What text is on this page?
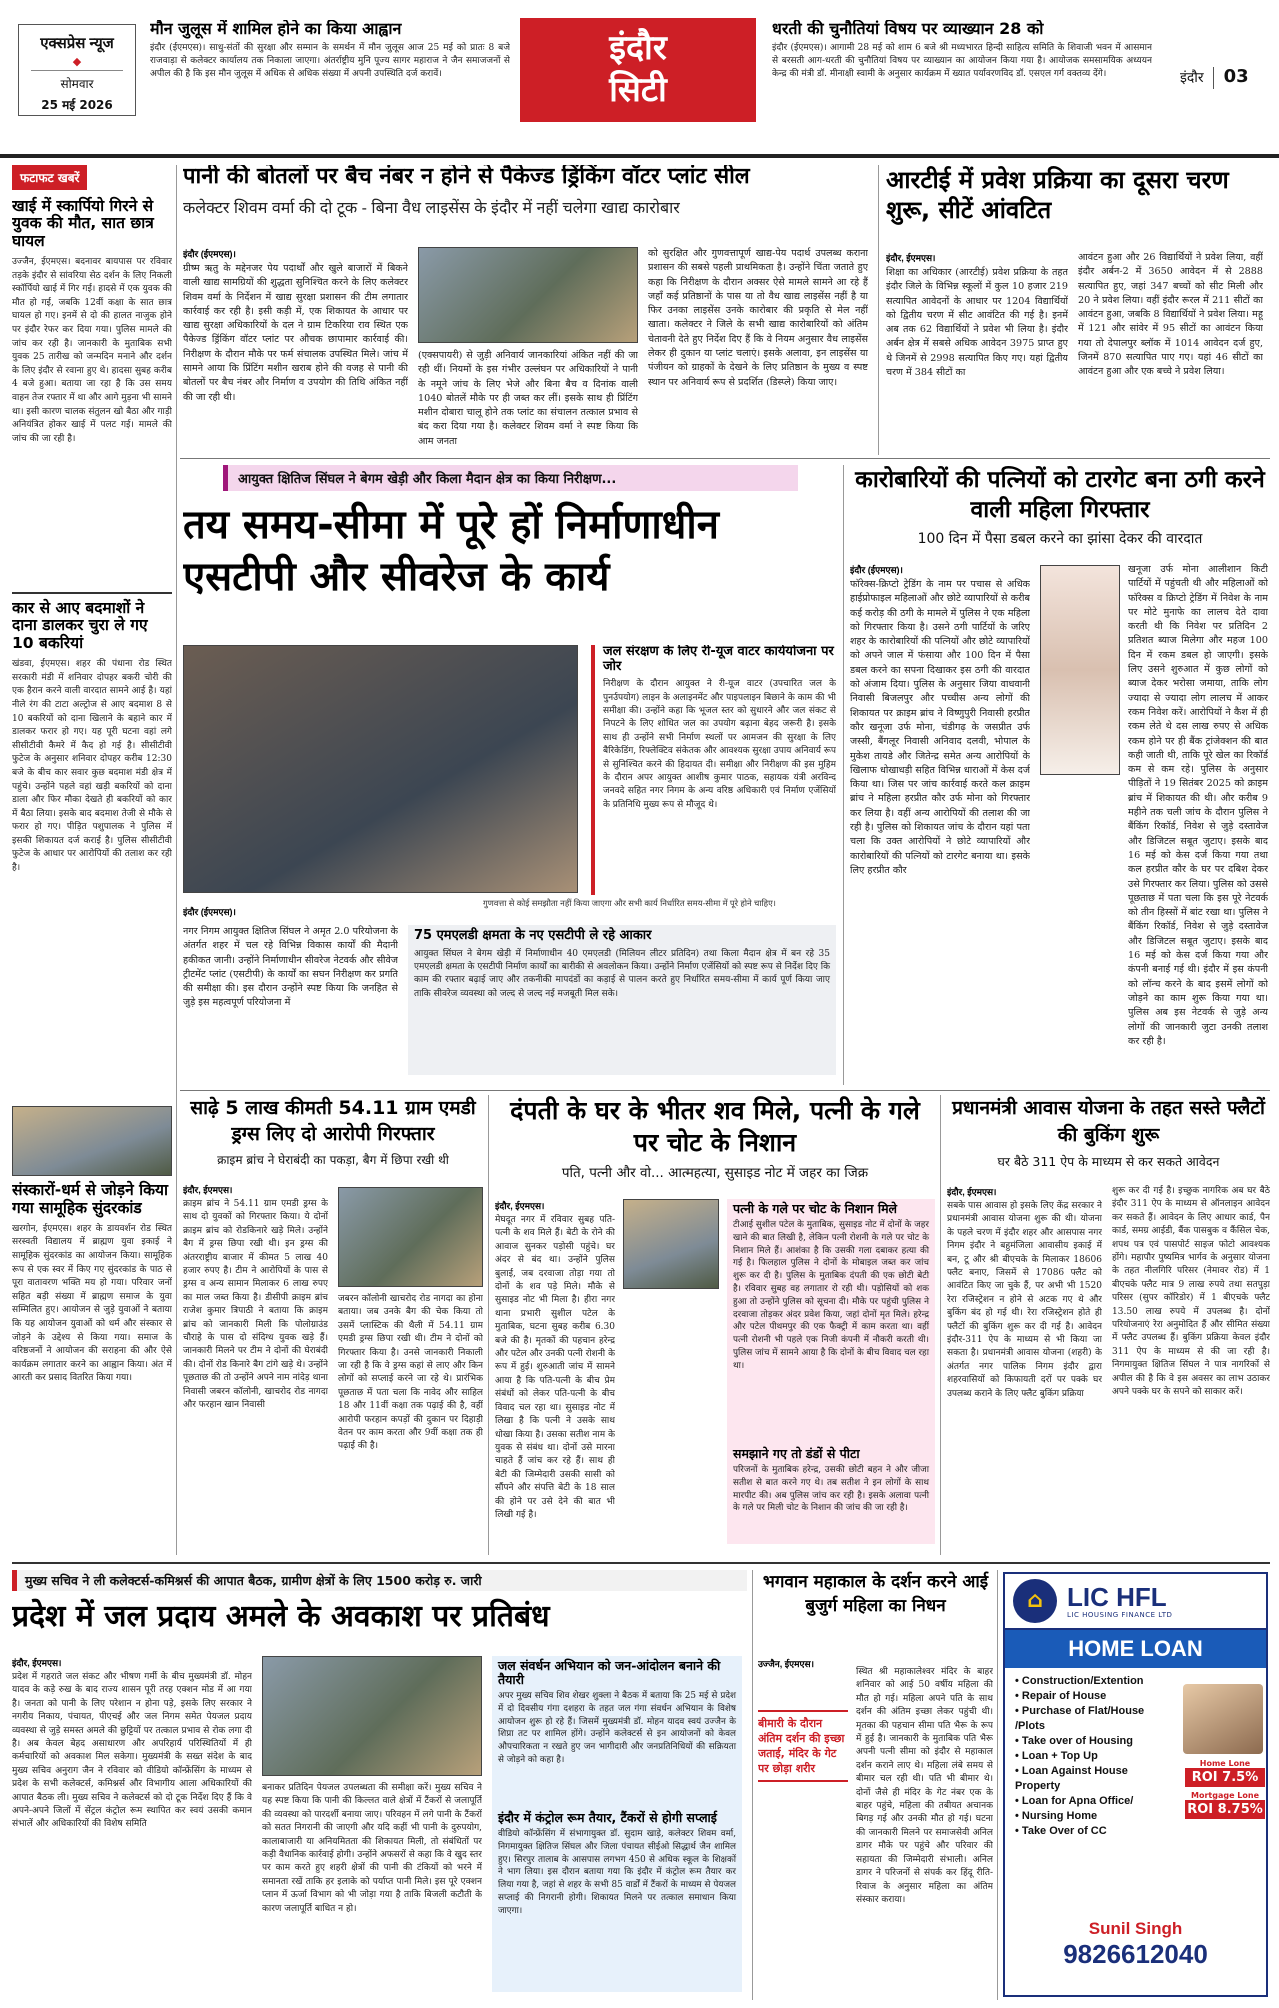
एक्सप्रेस न्यूज
◆
सोमवार
25 मई 2026
मौन जुलूस में शामिल होने का किया आह्वान
इंदौर (ईएमएस)। साधु-संतों की सुरक्षा और सम्मान के समर्थन में मौन जुलूस आज 25 मई को प्रातः 8 बजे राजवाड़ा से कलेक्टर कार्यालय तक निकाला जाएगा। अंतर्राष्ट्रीय मुनि पूज्य सागर महाराज ने जैन समाजजनों से अपील की है कि इस मौन जुलूस में अधिक से अधिक संख्या में अपनी उपस्थिति दर्ज करावें।
इंदौर
सिटी
धरती की चुनौतियां विषय पर व्याख्यान 28 को
इंदौर (ईएमएस)। आगामी 28 मई को शाम 6 बजे श्री मध्यभारत हिन्दी साहित्य समिति के शिवाजी भवन में आसमान से बरसती आग-धरती की चुनौतियां विषय पर व्याख्यान का आयोजन किया गया है। आयोजक समसामयिक अध्ययन केन्द्र की मंत्री डॉ. मीनाक्षी स्वामी के अनुसार कार्यक्रम में ख्यात पर्यावरणविद डॉ. एसएल गर्ग वक्तव्य देंगे।	इंदौर 03
फटाफट खबरें
खाई में स्कार्पियो गिरने से युवक की मौत, सात छात्र घायल
उज्जैन, ईएमएस। बदनावर बायपास पर रविवार तड़के इंदौर से सांवरिया सेठ दर्शन के लिए निकली स्कॉर्पियो खाई में गिर गई। हादसे में एक युवक की मौत हो गई, जबकि 12वीं कक्षा के सात छात्र घायल हो गए। इनमें से दो की हालत नाजुक होने पर इंदौर रेफर कर दिया गया। पुलिस मामले की जांच कर रही है। जानकारी के मुताबिक सभी युवक 25 तारीख को जन्मदिन मनाने और दर्शन के लिए इंदौर से रवाना हुए थे। हादसा सुबह करीब 4 बजे हुआ। बताया जा रहा है कि उस समय वाहन तेज रफ्तार में था और आगे मुड़ना भी सामने था। इसी कारण चालक संतुलन खो बैठा और गाड़ी अनियंत्रित होकर खाई में पलट गई। मामले की जांच की जा रही है।
कार से आए बदमाशों ने दाना डालकर चुरा ले गए 10 बकरियां
खंडवा, ईएमएस। शहर की पंधाना रोड स्थित सरकारी मंडी में शनिवार दोपहर बकरी चोरी की एक हैरान करने वाली वारदात सामने आई है। यहां नीले रंग की टाटा अल्ट्रोज से आए बदमाश 8 से 10 बकरियों को दाना खिलाने के बहाने कार में डालकर फरार हो गए। यह पूरी घटना वहां लगे सीसीटीवी कैमरे में कैद हो गई है। सीसीटीवी फुटेज के अनुसार शनिवार दोपहर करीब 12:30 बजे के बीच कार सवार कुछ बदमाश मंडी क्षेत्र में पहुंचे। उन्होंने पहले वहां खड़ी बकरियों को दाना डाला और फिर मौका देखते ही बकरियों को कार में बैठा लिया। इसके बाद बदमाश तेजी से मौके से फरार हो गए। पीड़ित पशुपालक ने पुलिस में इसकी शिकायत दर्ज कराई है। पुलिस सीसीटीवी फुटेज के आधार पर आरोपियों की तलाश कर रही है।
संस्कारों-धर्म से जोड़ने किया गया सामूहिक सुंदरकांड
खरगोन, ईएमएस। शहर के डायवर्शन रोड स्थित सरस्वती विद्यालय में ब्राह्मण युवा इकाई ने सामूहिक सुंदरकांड का आयोजन किया। सामूहिक रूप से एक स्वर में किए गए सुंदरकांड के पाठ से पूरा वातावरण भक्ति मय हो गया। परिवार जनों सहित बड़ी संख्या में ब्राह्मण समाज के युवा सम्मिलित हुए। आयोजन से जुड़े युवाओं ने बताया कि यह आयोजन युवाओं को धर्म और संस्कार से जोड़ने के उद्देश्य से किया गया। समाज के वरिष्ठजनों ने आयोजन की सराहना की और ऐसे कार्यक्रम लगातार करने का आह्वान किया। अंत में आरती कर प्रसाद वितरित किया गया।
पानी की बोतलों पर बैच नंबर न होने से पैकेज्ड ड्रिंकिंग वॉटर प्लांट सील
कलेक्टर शिवम वर्मा की दो टूक - बिना वैध लाइसेंस के इंदौर में नहीं चलेगा खाद्य कारोबार
इंदौर (ईएमएस)।
ग्रीष्म ऋतु के मद्देनजर पेय पदार्थों और खुले बाजारों में बिकने वाली खाद्य सामग्रियों की शुद्धता सुनिश्चित करने के लिए कलेक्टर शिवम वर्मा के निर्देशन में खाद्य सुरक्षा प्रशासन की टीम लगातार कार्रवाई कर रही है। इसी कड़ी में, एक शिकायत के आधार पर खाद्य सुरक्षा अधिकारियों के दल ने ग्राम टिकरिया राव स्थित एक पैकेज्ड ड्रिंकिंग वॉटर प्लांट पर औचक छापामार कार्रवाई की। निरीक्षण के दौरान मौके पर फर्म संचालक उपस्थित मिले। जांच में सामने आया कि प्रिंटिंग मशीन खराब होने की वजह से पानी की बोतलों पर बैच नंबर और निर्माण व उपयोग की तिथि अंकित नहीं की जा रही थी।
(एक्सपायरी) से जुड़ी अनिवार्य जानकारियां अंकित नहीं की जा रही थीं। नियमों के इस गंभीर उल्लंघन पर अधिकारियों ने पानी के नमूने जांच के लिए भेजे और बिना बैच व दिनांक वाली 1040 बोतलें मौके पर ही जब्त कर लीं। इसके साथ ही प्रिंटिंग मशीन दोबारा चालू होने तक प्लांट का संचालन तत्काल प्रभाव से बंद करा दिया गया है। कलेक्टर शिवम वर्मा ने स्पष्ट किया कि आम जनता
को सुरक्षित और गुणवत्तापूर्ण खाद्य-पेय पदार्थ उपलब्ध कराना प्रशासन की सबसे पहली प्राथमिकता है। उन्होंने चिंता जताते हुए कहा कि निरीक्षण के दौरान अक्सर ऐसे मामले सामने आ रहे हैं जहाँ कई प्रतिष्ठानों के पास या तो वैध खाद्य लाइसेंस नहीं है या फिर उनका लाइसेंस उनके कारोबार की प्रकृति से मेल नहीं खाता। कलेक्टर ने जिले के सभी खाद्य कारोबारियों को अंतिम चेतावनी देते हुए निर्देश दिए हैं कि वे नियम अनुसार वैध लाइसेंस लेकर ही दुकान या प्लांट चलाएं। इसके अलावा, इन लाइसेंस या पंजीयन को ग्राहकों के देखने के लिए प्रतिष्ठान के मुख्य व स्पष्ट स्थान पर अनिवार्य रूप से प्रदर्शित (डिस्प्ले) किया जाए।
आरटीई में प्रवेश प्रक्रिया का दूसरा चरण शुरू, सीटें आंवटित
इंदौर, ईएमएस।
शिक्षा का अधिकार (आरटीई) प्रवेश प्रक्रिया के तहत इंदौर जिले के विभिन्न स्कूलों में कुल 10 हजार 219 सत्यापित आवेदनों के आधार पर 1204 विद्यार्थियों को द्वितीय चरण में सीट आवंटित की गई है। इनमें अब तक 62 विद्यार्थियों ने प्रवेश भी लिया है। इंदौर अर्बन क्षेत्र में सबसे अधिक आवेदन 3975 प्राप्त हुए थे जिनमें से 2998 सत्यापित किए गए। यहां द्वितीय चरण में 384 सीटों का
आवंटन हुआ और 26 विद्यार्थियों ने प्रवेश लिया, वहीं इंदौर अर्बन-2 में 3650 आवेदन में से 2888 सत्यापित हुए, जहां 347 बच्चों को सीट मिली और 20 ने प्रवेश लिया। वहीं इंदौर रूरल में 211 सीटों का आवंटन हुआ, जबकि 8 विद्यार्थियों ने प्रवेश लिया। महू में 121 और सांवेर में 95 सीटों का आवंटन किया गया तो देपालपुर ब्लॉक में 1014 आवेदन दर्ज हुए, जिनमें 870 सत्यापित पाए गए। यहां 46 सीटों का आवंटन हुआ और एक बच्चे ने प्रवेश लिया।
आयुक्त क्षितिज सिंघल ने बेगम खेड़ी और किला मैदान क्षेत्र का किया निरीक्षण...
तय समय-सीमा में पूरे हों निर्माणाधीन एसटीपी और सीवरेज के कार्य
जल संरक्षण के लिए री-यूज वाटर कार्ययोजना पर जोर
निरीक्षण के दौरान आयुक्त ने री-यूज वाटर (उपचारित जल के पुनर्उपयोग) लाइन के अलाइनमेंट और पाइपलाइन बिछाने के काम की भी समीक्षा की। उन्होंने कहा कि भूजल स्तर को सुधारने और जल संकट से निपटने के लिए शोधित जल का उपयोग बढ़ाना बेहद जरूरी है। इसके साथ ही उन्होंने सभी निर्माण स्थलों पर आमजन की सुरक्षा के लिए बैरिकेडिंग, रिफ्लेक्टिव संकेतक और आवश्यक सुरक्षा उपाय अनिवार्य रूप से सुनिश्चित करने की हिदायत दी। समीक्षा और निरीक्षण की इस मुहिम के दौरान अपर आयुक्त आशीष कुमार पाठक, सहायक यंत्री अरविन्द जनवदे सहित नगर निगम के अन्य वरिष्ठ अधिकारी एवं निर्माण एजेंसियों के प्रतिनिधि मुख्य रूप से मौजूद थे।
इंदौर (ईएमएस)।
गुणवत्ता से कोई समझौता नहीं किया जाएगा और सभी कार्य निर्धारित समय-सीमा में पूरे होने चाहिए।
नगर निगम आयुक्त क्षितिज सिंघल ने अमृत 2.0 परियोजना के अंतर्गत शहर में चल रहे विभिन्न विकास कार्यों की मैदानी हकीकत जानी। उन्होंने निर्माणाधीन सीवरेज नेटवर्क और सीवेज ट्रीटमेंट प्लांट (एसटीपी) के कार्यों का सघन निरीक्षण कर प्रगति की समीक्षा की। इस दौरान उन्होंने स्पष्ट किया कि जनहित से जुड़े इस महत्वपूर्ण परियोजना में
75 एमएलडी क्षमता के नए एसटीपी ले रहे आकार
आयुक्त सिंघल ने बेगम खेड़ी में निर्माणाधीन 40 एमएलडी (मिलियन लीटर प्रतिदिन) तथा किला मैदान क्षेत्र में बन रहे 35 एमएलडी क्षमता के एसटीपी निर्माण कार्यों का बारीकी से अवलोकन किया। उन्होंने निर्माण एजेंसियों को स्पष्ट रूप से निर्देश दिए कि काम की रफ्तार बढ़ाई जाए और तकनीकी मापदंडों का कड़ाई से पालन करते हुए निर्धारित समय-सीमा में कार्य पूर्ण किया जाए ताकि सीवरेज व्यवस्था को जल्द से जल्द नई मजबूती मिल सके।
कारोबारियों की पत्नियों को टारगेट बना ठगी करने वाली महिला गिरफ्तार
100 दिन में पैसा डबल करने का झांसा देकर की वारदात
इंदौर (ईएमएस)।
फॉरेक्स-क्रिप्टो ट्रेडिंग के नाम पर पचास से अधिक हाईप्रोफाइल महिलाओं और छोटे व्यापारियों से करीब कई करोड़ की ठगी के मामले में पुलिस ने एक महिला को गिरफ्तार किया है। उसने ठगी पार्टियों के जरिए शहर के कारोबारियों की पत्नियों और छोटे व्यापारियों को अपने जाल में फंसाया और 100 दिन में पैसा डबल करने का सपना दिखाकर इस ठगी की वारदात को अंजाम दिया। पुलिस के अनुसार जिया वाधवानी निवासी बिजलपुर और पच्चीस अन्य लोगों की शिकायत पर क्राइम ब्रांच ने विष्णुपुरी निवासी हरप्रीत कौर खनूजा उर्फ मोना, चंडीगढ़ के जसप्रीत उर्फ जस्सी, बैंगलूर निवासी अनिवाद दलवी, भोपाल के मुकेश तायडे और जितेन्द्र समेत अन्य आरोपियों के खिलाफ धोखाधड़ी सहित विभिन्न धाराओं में केस दर्ज किया था। जिस पर जांच कार्रवाई करते कल क्राइम ब्रांच ने महिला हरप्रीत कौर उर्फ मोना को गिरफ्तार कर लिया है। वहीं अन्य आरोपियों की तलाश की जा रही है। पुलिस को शिकायत जांच के दौरान यहां पता चला कि उक्त आरोपियों ने छोटे व्यापारियों और कारोबारियों की पत्नियों को टारगेट बनाया था। इसके लिए हरप्रीत कौर
खनूजा उर्फ मोना आलीशान किटी पार्टियों में पहुंचती थी और महिलाओं को फॉरेक्स व क्रिप्टो ट्रेडिंग में निवेश के नाम पर मोटे मुनाफे का लालच देते दावा करती थी कि निवेश पर प्रतिदिन 2 प्रतिशत ब्याज मिलेगा और महज 100 दिन में रकम डबल हो जाएगी। इसके लिए उसने शुरुआत में कुछ लोगों को ब्याज देकर भरोसा जमाया, ताकि लोग ज्यादा से ज्यादा लोग लालच में आकर रकम निवेश करें। आरोपियों ने कैश में ही रकम लेते थे दस लाख रुपए से अधिक रकम होने पर ही बैंक ट्रांजेक्शन की बात कही जाती थी, ताकि पूरे खेल का रिकॉर्ड कम से कम रहे। पुलिस के अनुसार पीड़ितों ने 19 सितंबर 2025 को क्राइम ब्रांच में शिकायत की थी। और करीब 9 महीने तक चली जांच के दौरान पुलिस ने बैंकिंग रिकॉर्ड, निवेश से जुड़े दस्तावेज और डिजिटल सबूत जुटाए। इसके बाद 16 मई को केस दर्ज किया गया तथा कल हरप्रीत कौर के घर पर दबिश देकर उसे गिरफ्तार कर लिया। पुलिस को उससे पूछताछ में पता चला कि इस पूरे नेटवर्क को तीन हिस्सों में बांट रखा था। पुलिस ने बैंकिंग रिकॉर्ड, निवेश से जुड़े दस्तावेज और डिजिटल सबूत जुटाए। इसके बाद 16 मई को केस दर्ज किया गया और कंपनी बनाई गई थी। इंदौर में इस कंपनी को लॉन्च करने के बाद इसमें लोगों को जोड़ने का काम शुरू किया गया था। पुलिस अब इस नेटवर्क से जुड़े अन्य लोगों की जानकारी जुटा उनकी तलाश कर रही है।
साढ़े 5 लाख कीमती 54.11 ग्राम एमडी ड्रग्स लिए दो आरोपी गिरफ्तार
क्राइम ब्रांच ने घेराबंदी का पकड़ा, बैग में छिपा रखी थी
इंदौर, ईएमएस।
क्राइम ब्रांच ने 54.11 ग्राम एमडी ड्रग्स के साथ दो युवकों को गिरफ्तार किया। ये दोनों क्राइम ब्रांच को रोडकिनारे खड़े मिले। उन्होंने बैग में ड्रग्स छिपा रखी थी। इन ड्रग्स की अंतरराष्ट्रीय बाजार में कीमत 5 लाख 40 हजार रुपए है। टीम ने आरोपियों के पास से ड्रग्स व अन्य सामान मिलाकर 6 लाख रुपए का माल जब्त किया है। डीसीपी क्राइम ब्रांच राजेश कुमार त्रिपाठी ने बताया कि क्राइम ब्रांच को जानकारी मिली कि पोलोग्राउंड चौराहे के पास दो संदिग्ध युवक खड़े हैं। जानकारी मिलने पर टीम ने दोनों की घेराबंदी की। दोनों रोड किनारे बैग टांगे खड़े थे। उन्होंने पूछताछ की तो उन्होंने अपने नाम नांदेड़ थाना निवासी जबरन कॉलोनी, खाचरोद रोड नागदा और फरहान खान निवासी
जबरन कॉलोनी खाचरोद रोड नागदा का होना बताया। जब उनके बैग की चेक किया तो उसमें प्लास्टिक की थैली में 54.11 ग्राम एमडी ड्रग्स छिपा रखी थी। टीम ने दोनों को गिरफ्तार किया है। उनसे जानकारी निकाली जा रही है कि वे ड्रग्स कहां से लाए और किन लोगों को सप्लाई करने जा रहे थे। प्रारंभिक पूछताछ में पता चला कि नावेद और साहिल 18 और 11वीं कक्षा तक पढ़ाई की है, वहीं आरोपी फरहान कपड़ों की दुकान पर दिहाड़ी वेतन पर काम करता और 9वीं कक्षा तक ही पढ़ाई की है।
दंपती के घर के भीतर शव मिले, पत्नी के गले पर चोट के निशान
पति, पत्नी और वो... आत्महत्या, सुसाइड नोट में जहर का जिक्र
इंदौर, ईएमएस।
मेघदूत नगर में रविवार सुबह पति-पत्नी के शव मिले हैं। बेटी के रोने की आवाज सुनकर पड़ोसी पहुंचे। घर अंदर से बंद था। उन्होंने पुलिस बुलाई, जब दरवाजा तोड़ा गया तो दोनों के शव पड़े मिले। मौके से सुसाइड नोट भी मिला है। हीरा नगर थाना प्रभारी सुशील पटेल के मुताबिक, घटना सुबह करीब 6.30 बजे की है। मृतकों की पहचान हरेन्द्र और पटेल और उनकी पत्नी रोशनी के रूप में हुई। शुरुआती जांच में सामने आया है कि पति-पत्नी के बीच प्रेम संबंधों को लेकर पति-पत्नी के बीच विवाद चल रहा था। सुसाइड नोट में लिखा है कि पत्नी ने उसके साथ धोखा किया है। उसका सतीश नाम के युवक से संबंध था। दोनों उसे मारना चाहते हैं जांच कर रहे हैं। साथ ही बेटी की जिम्मेदारी उसकी सासी को सौंपने और संपत्ति बेटी के 18 साल की होने पर उसे देने की बात भी लिखी गई है।
पत्नी के गले पर चोट के निशान मिले
टीआई सुशील पटेल के मुताबिक, सुसाइड नोट में दोनों के जहर खाने की बात लिखी है, लेकिन पत्नी रोशनी के गले पर चोट के निशान मिले हैं। आशंका है कि उसकी गला दबाकर हत्या की गई है। फिलहाल पुलिस ने दोनों के मोबाइल जब्त कर जांच शुरू कर दी है। पुलिस के मुताबिक दंपती की एक छोटी बेटी है। रविवार सुबह वह लगातार रो रही थी। पड़ोसियों को शक हुआ तो उन्होंने पुलिस को सूचना दी। मौके पर पहुंची पुलिस ने दरवाजा तोड़कर अंदर प्रवेश किया, जहां दोनों मृत मिले। हरेन्द्र और पटेल पीथमपुर की एक फैक्ट्री में काम करता था। वहीं पत्नी रोशनी भी पहले एक निजी कंपनी में नौकरी करती थी। पुलिस जांच में सामने आया है कि दोनों के बीच विवाद चल रहा था।
समझाने गए तो डंडों से पीटा
परिजनों के मुताबिक हरेन्द्र, उसकी छोटी बहन ने और जीजा सतीश से बात करने गए थे। तब सतीश ने इन लोगों के साथ मारपीट की। अब पुलिस जांच कर रही है। इसके अलावा पत्नी के गले पर मिली चोट के निशान की जांच की जा रही है।
प्रधानमंत्री आवास योजना के तहत सस्ते फ्लैटों की बुकिंग शुरू
घर बैठे 311 ऐप के माध्यम से कर सकते आवेदन
इंदौर, ईएमएस।
सबके पास आवास हो इसके लिए केंद्र सरकार ने प्रधानमंत्री आवास योजना शुरू की थी। योजना के पहले चरण में इंदौर शहर और आसपास नगर निगम इंदौर ने बहुमंजिला आवासीय इकाई में बन, टू और श्री बीएचके के मिलाकर 18606 फ्लैट बनाए, जिसमें से 17086 फ्लैट को आवंटित किए जा चुके हैं, पर अभी भी 1520 रेरा रजिस्ट्रेशन न होने से अटक गए थे और बुकिंग बंद हो गई थी। रेरा रजिस्ट्रेशन होते ही फ्लैटों की बुकिंग शुरू कर दी गई है। आवेदन इंदौर-311 ऐप के माध्यम से भी किया जा सकता है। प्रधानमंत्री आवास योजना (शहरी) के अंतर्गत नगर पालिक निगम इंदौर द्वारा शहरवासियों को किफायती दरों पर पक्के घर उपलब्ध कराने के लिए फ्लैट बुकिंग प्रक्रिया
शुरू कर दी गई है। इच्छुक नागरिक अब घर बैठे इंदौर 311 ऐप के माध्यम से ऑनलाइन आवेदन कर सकते हैं। आवेदन के लिए आधार कार्ड, पैन कार्ड, समग्र आईडी, बैंक पासबुक व कैंसिल चेक, शपथ पत्र एवं पासपोर्ट साइज फोटो आवश्यक होंगे। महापौर पुष्यमित्र भार्गव के अनुसार योजना के तहत नीलगिरि परिसर (नेमावर रोड) में 1 बीएचके फ्लैट मात्र 9 लाख रुपये तथा सतपुड़ा परिसर (सुपर कॉरिडोर) में 1 बीएचके फ्लैट 13.50 लाख रुपये में उपलब्ध है। दोनों परियोजनाएं रेरा अनुमोदित हैं और सीमित संख्या में फ्लैट उपलब्ध हैं। बुकिंग प्रक्रिया केवल इंदौर 311 ऐप के माध्यम से की जा रही है। निगमायुक्त क्षितिज सिंघल ने पात्र नागरिकों से अपील की है कि वे इस अवसर का लाभ उठाकर अपने पक्के घर के सपने को साकार करें।
मुख्य सचिव ने ली कलेक्टर्स-कमिश्नर्स की आपात बैठक, ग्रामीण क्षेत्रों के लिए 1500 करोड़ रु. जारी
प्रदेश में जल प्रदाय अमले के अवकाश पर प्रतिबंध
इंदौर, ईएमएस।
प्रदेश में गहराते जल संकट और भीषण गर्मी के बीच मुख्यमंत्री डॉ. मोहन यादव के कड़े रुख के बाद राज्य शासन पूरी तरह एक्शन मोड में आ गया है। जनता को पानी के लिए परेशान न होना पड़े, इसके लिए सरकार ने नगरीय निकाय, पंचायत, पीएचई और जल निगम समेत पेयजल प्रदाय व्यवस्था से जुड़े समस्त अमले की छुट्टियों पर तत्काल प्रभाव से रोक लगा दी है। अब केवल बेहद असाधारण और अपरिहार्य परिस्थितियों में ही कर्मचारियों को अवकाश मिल सकेगा। मुख्यमंत्री के सख्त संदेश के बाद मुख्य सचिव अनुराग जैन ने रविवार को वीडियो कॉन्फ्रेंसिंग के माध्यम से प्रदेश के सभी कलेक्टर्स, कमिश्नर्स और विभागीय आला अधिकारियों की आपात बैठक ली। मुख्य सचिव ने कलेक्टर्स को दो टूक निर्देश दिए हैं कि वे अपने-अपने जिलों में सेंट्रल कंट्रोल रूम स्थापित कर स्वयं उसकी कमान संभालें और अधिकारियों की विशेष समिति
बनाकर प्रतिदिन पेयजल उपलब्धता की समीक्षा करें। मुख्य सचिव ने यह स्पष्ट किया कि पानी की किल्लत वाले क्षेत्रों में टैंकरों से जलापूर्ति की व्यवस्था को पारदर्शी बनाया जाए। परिवहन में लगे पानी के टैंकरों को सतत निगरानी की जाएगी और यदि कहीं भी पानी के दुरुपयोग, कालाबाजारी या अनियमितता की शिकायत मिली, तो संबंधितों पर कड़ी वैधानिक कार्रवाई होगी। उन्होंने अफसरों से कहा कि वे खुद स्तर पर काम करते हुए शहरी क्षेत्रों की पानी की टंकियों को भरने में समानता रखें ताकि हर इलाके को पर्याप्त पानी मिले। इस पूरे एक्शन प्लान में ऊर्जा विभाग को भी जोड़ा गया है ताकि बिजली कटौती के कारण जलापूर्ति बाधित न हो।
जल संवर्धन अभियान को जन-आंदोलन बनाने की तैयारी
अपर मुख्य सचिव शिव शेखर शुक्ला ने बैठक में बताया कि 25 मई से प्रदेश में दो दिवसीय गंगा दशहरा के तहत जल गंगा संवर्धन अभियान के विशेष आयोजन शुरू हो रहे हैं। जिसमें मुख्यमंत्री डॉ. मोहन यादव स्वयं उज्जैन के शिप्रा तट पर शामिल होंगे। उन्होंने कलेक्टर्स से इन आयोजनों को केवल औपचारिकता न रखते हुए जन भागीदारी और जनप्रतिनिधियों की सक्रियता से जोड़ने को कहा है।
इंदौर में कंट्रोल रूम तैयार, टैंकरों से होगी सप्लाई
वीडियो कॉन्फ्रेंसिंग में संभागायुक्त डॉ. सुदाम खाड़े, कलेक्टर शिवम वर्मा, निगमायुक्त क्षितिज सिंघल और जिला पंचायत सीईओ सिद्धार्थ जैन शामिल हुए। सिरपुर तालाब के आसपास लगभग 450 से अधिक स्कूल के शिक्षकों ने भाग लिया। इस दौरान बताया गया कि इंदौर में कंट्रोल रूम तैयार कर लिया गया है, जहां से शहर के सभी 85 वार्डों में टैंकरों के माध्यम से पेयजल सप्लाई की निगरानी होगी। शिकायत मिलने पर तत्काल समाधान किया जाएगा।
भगवान महाकाल के दर्शन करने आई बुजुर्ग महिला का निधन
बीमारी के दौरान अंतिम दर्शन की इच्छा जताई, मंदिर के गेट पर छोड़ा शरीर
उज्जैन, ईएमएस।
स्थित श्री महाकालेश्वर मंदिर के बाहर शनिवार को आई 50 वर्षीय महिला की मौत हो गई। महिला अपने पति के साथ दर्शन की अंतिम इच्छा लेकर पहुंची थी। मृतका की पहचान सीमा पति भैरू के रूप में हुई है। जानकारी के मुताबिक पति भैरू अपनी पत्नी सीमा को इंदौर से महाकाल दर्शन कराने लाए थे। महिला लंबे समय से बीमार चल रही थी। पति भी बीमार थे। दोनों जैसे ही मंदिर के गेट नंबर एक के बाहर पहुंचे, महिला की तबीयत अचानक बिगड़ गई और उनकी मौत हो गई। घटना की जानकारी मिलने पर समाजसेवी अनिल डागर मौके पर पहुंचे और परिवार की सहायता की जिम्मेदारी संभाली। अनिल डागर ने परिजनों से संपर्क कर हिंदू रीति-रिवाज के अनुसार महिला का अंतिम संस्कार कराया।
⌂ LIC HFL
LIC HOUSING FINANCE LTD
HOME LOAN
• Construction/Extention
• Repair of House
• Purchase of Flat/House /Plots
• Take over of Housing
• Loan + Top Up
• Loan Against House Property
• Loan for Apna Office/
• Nursing Home
• Take Over of CC
Home Lone
ROI 7.5%
Mortgage Lone
ROI 8.75%
Sunil Singh
9826612040
